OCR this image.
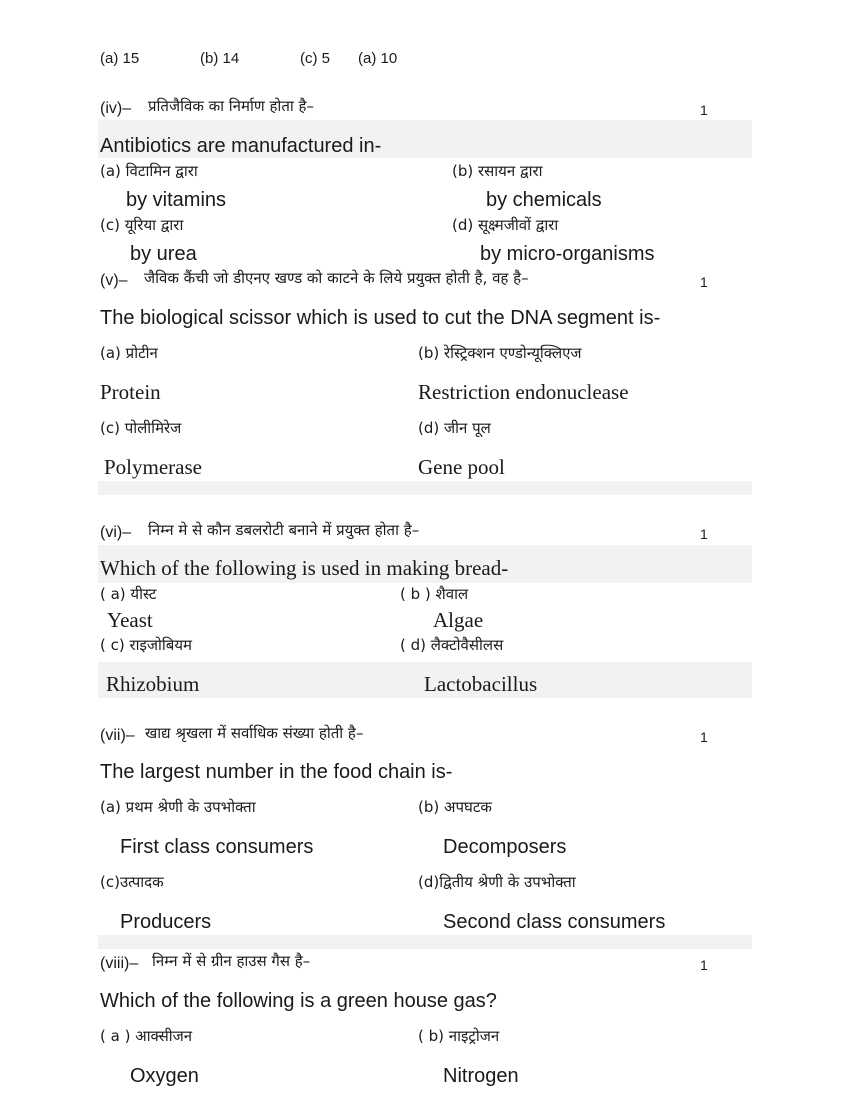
(a) 15	(b) 14	(c) 5 (a) 10
(iv)– प्रतिजैविक का निर्माण होता है–	1
Antibiotics are manufactured in-
(a) विटामिन द्वारा
by vitamins
(b) रसायन द्वारा
by chemicals
(c) यूरिया द्वारा
by urea
(d) सूक्ष्मजीवों द्वारा
by micro-organisms
(v)– जैविक कैंची जो डीएनए खण्ड को काटने के लिये प्रयुक्त होती है, वह है–	1
The biological scissor which is used to cut the DNA segment is-
(a) प्रोटीन
Protein
(b) रेस्ट्रिक्शन एण्डोन्यूक्लिएज
Restriction endonuclease
(c) पोलीमिरेज
Polymerase
(d) जीन पूल
Gene pool
(vi)– निम्न मे से कौन डबलरोटी बनाने में प्रयुक्त होता है–	1
Which of the following is used in making bread-
( a) यीस्ट
Yeast
( b ) शैवाल
Algae
( c) राइजोबियम
Rhizobium
( d) लैक्टोवैसीलस
Lactobacillus
(vii)– खाद्य श्रृखला में सर्वाधिक संख्या होती है–	1
The largest number in the food chain is-
(a) प्रथम श्रेणी के उपभोक्ता
First class consumers
(b) अपघटक
Decomposers
(c)उत्पादक
Producers
(d)द्वितीय श्रेणी के उपभोक्ता
Second class consumers
(viii)– निम्न में से ग्रीन हाउस गैस है–	1
Which of the following is a green house gas?
( a ) आक्सीजन
Oxygen
( b) नाइट्रोजन
Nitrogen
